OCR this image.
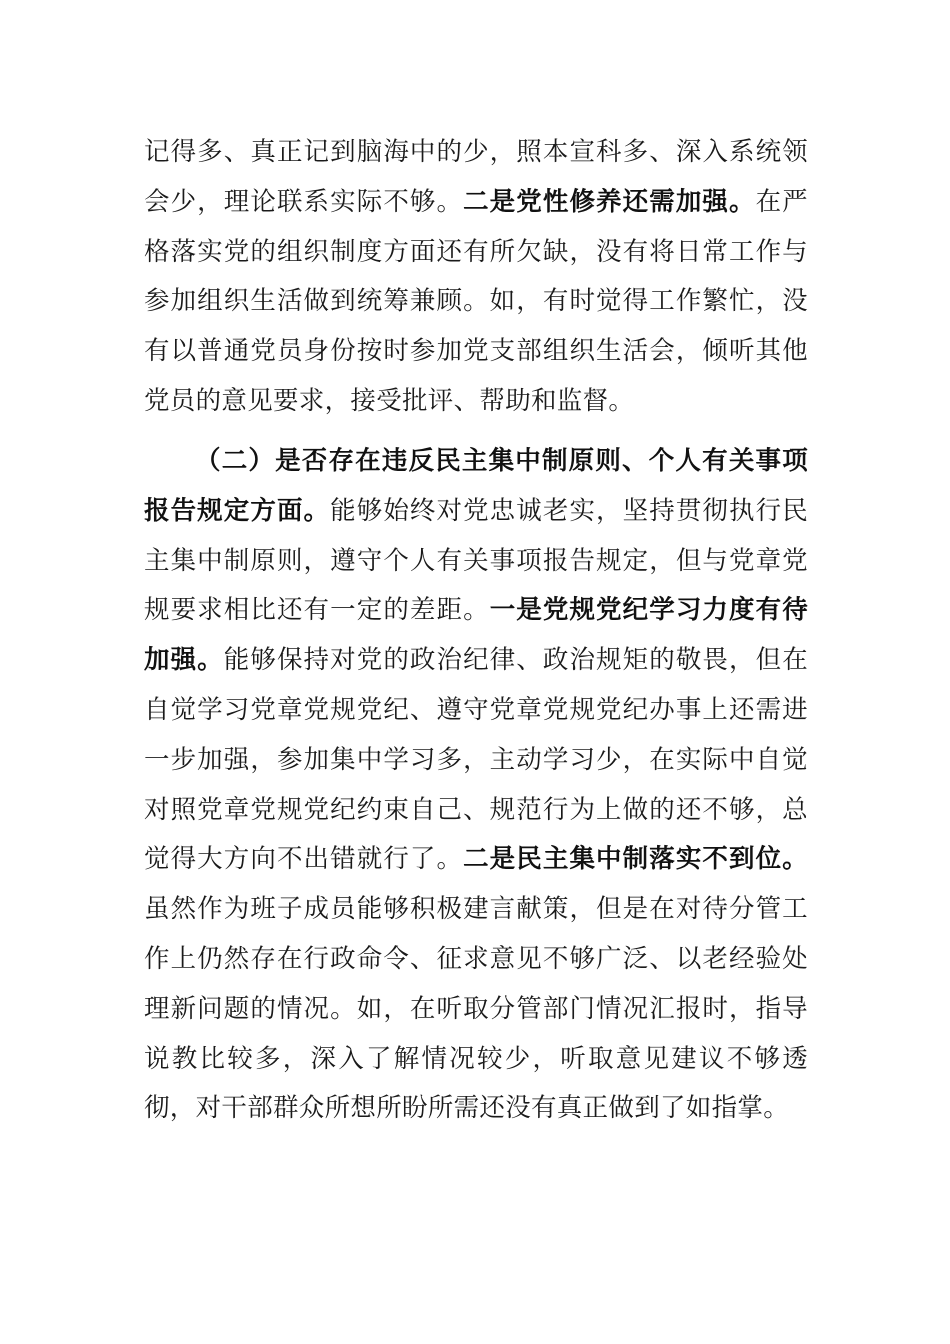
记得多、真正记到脑海中的少，照本宣科多、深入系统领会少，理论联系实际不够。二是党性修养还需加强。在严格落实党的组织制度方面还有所欠缺，没有将日常工作与参加组织生活做到统筹兼顾。如，有时觉得工作繁忙，没有以普通党员身份按时参加党支部组织生活会，倾听其他党员的意见要求，接受批评、帮助和监督。

（二）是否存在违反民主集中制原则、个人有关事项报告规定方面。能够始终对党忠诚老实，坚持贯彻执行民主集中制原则，遵守个人有关事项报告规定，但与党章党规要求相比还有一定的差距。一是党规党纪学习力度有待加强。能够保持对党的政治纪律、政治规矩的敬畏，但在自觉学习党章党规党纪、遵守党章党规党纪办事上还需进一步加强，参加集中学习多，主动学习少，在实际中自觉对照党章党规党纪约束自己、规范行为上做的还不够，总觉得大方向不出错就行了。二是民主集中制落实不到位。虽然作为班子成员能够积极建言献策，但是在对待分管工作上仍然存在行政命令、征求意见不够广泛、以老经验处理新问题的情况。如，在听取分管部门情况汇报时，指导说教比较多，深入了解情况较少，听取意见建议不够透彻，对干部群众所想所盼所需还没有真正做到了如指掌。
